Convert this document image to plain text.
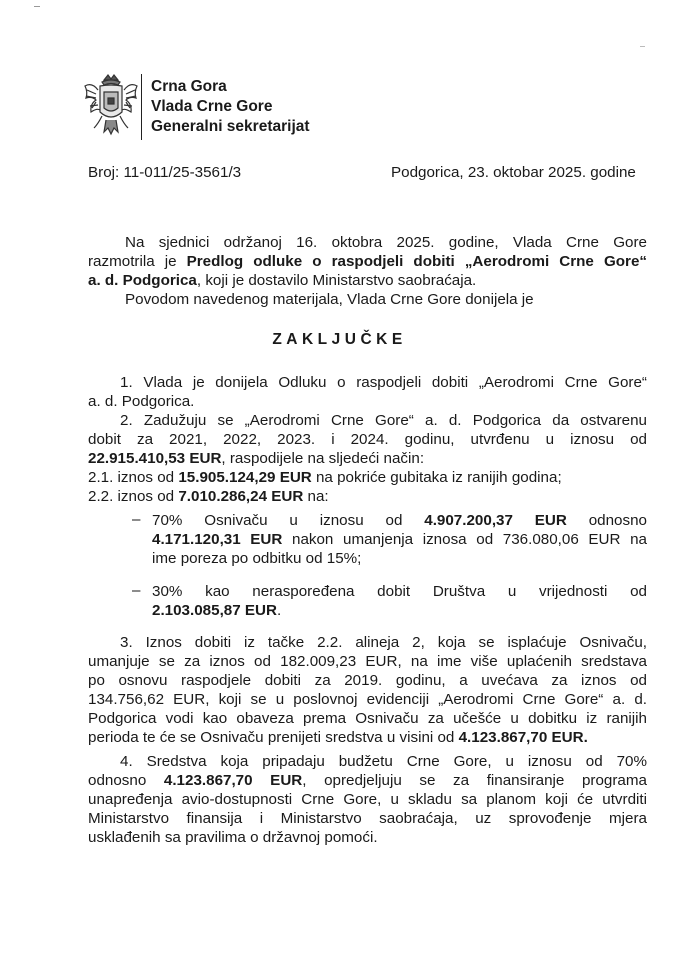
Crna Gora
Vlada Crne Gore
Generalni sekretarijat
Broj: 11-011/25-3561/3	Podgorica, 23. oktobar 2025. godine
Na sjednici održanoj 16. oktobra 2025. godine, Vlada Crne Gore
razmotrila je Predlog odluke o raspodjeli dobiti „Aerodromi Crne Gore“
a. d. Podgorica, koji je dostavilo Ministarstvo saobraćaja.
Povodom navedenog materijala, Vlada Crne Gore donijela je
ZAKLJUČKE
1. Vlada je donijela Odluku o raspodjeli dobiti „Aerodromi Crne Gore“
a. d. Podgorica.
2. Zadužuju se „Aerodromi Crne Gore“ a. d. Podgorica da ostvarenu
dobit za 2021, 2022, 2023. i 2024. godinu, utvrđenu u iznosu od
22.915.410,53 EUR, raspodijele na sljedeći način:
2.1. iznos od 15.905.124,29 EUR na pokriće gubitaka iz ranijih godina;
2.2. iznos od 7.010.286,24 EUR na:
– 70% Osnivaču u iznosu od 4.907.200,37 EUR odnosno
4.171.120,31 EUR nakon umanjenja iznosa od 736.080,06 EUR na
ime poreza po odbitku od 15%;
– 30% kao neraspoređena dobit Društva u vrijednosti od
2.103.085,87 EUR.
3. Iznos dobiti iz tačke 2.2. alineja 2, koja se isplaćuje Osnivaču,
umanjuje se za iznos od 182.009,23 EUR, na ime više uplaćenih sredstava
po osnovu raspodjele dobiti za 2019. godinu, a uvećava za iznos od
134.756,62 EUR, koji se u poslovnoj evidenciji „Aerodromi Crne Gore“ a. d.
Podgorica vodi kao obaveza prema Osnivaču za učešće u dobitku iz ranijih
perioda te će se Osnivaču prenijeti sredstva u visini od 4.123.867,70 EUR.
4. Sredstva koja pripadaju budžetu Crne Gore, u iznosu od 70%
odnosno 4.123.867,70 EUR, opredjeljuju se za finansiranje programa
unapređenja avio-dostupnosti Crne Gore, u skladu sa planom koji će utvrditi
Ministarstvo finansija i Ministarstvo saobraćaja, uz sprovođenje mjera
usklađenih sa pravilima o državnoj pomoći.
